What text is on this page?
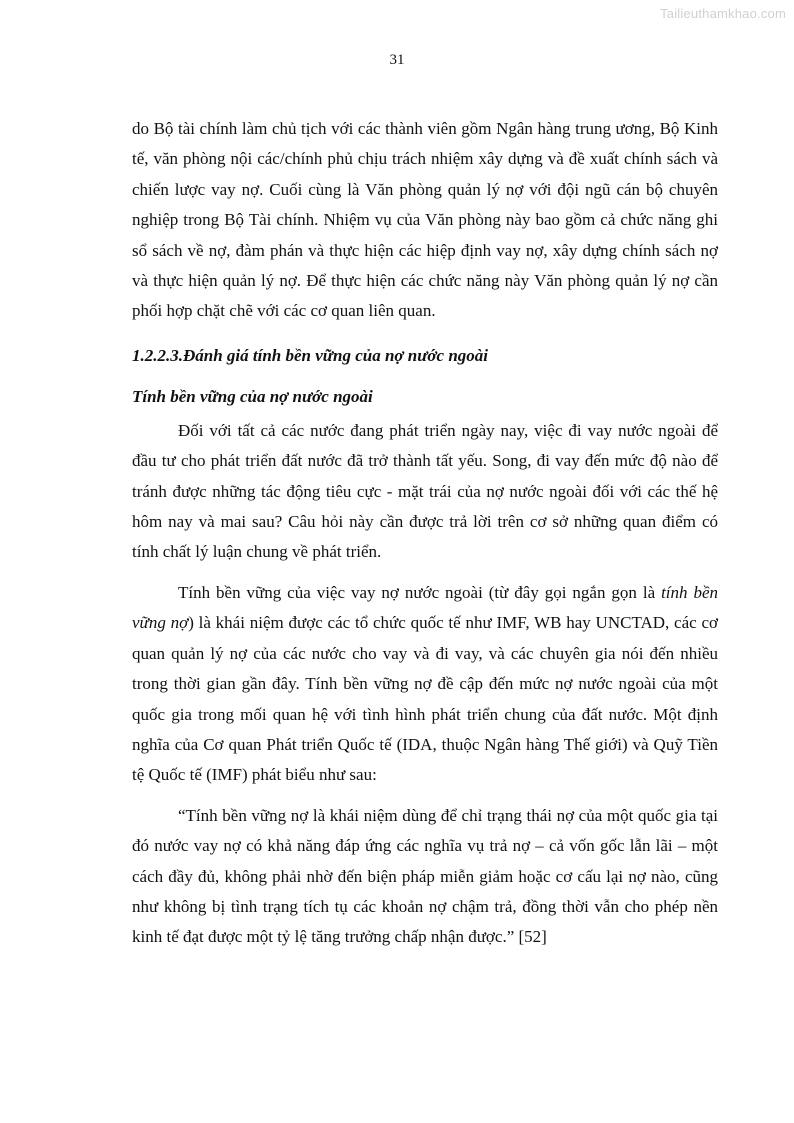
Tailieuthamkhao.com
31

do Bộ tài chính làm chủ tịch với các thành viên gồm Ngân hàng trung ương, Bộ Kinh tế, văn phòng nội các/chính phủ chịu trách nhiệm xây dựng và đề xuất chính sách và chiến lược vay nợ. Cuối cùng là Văn phòng quản lý nợ với đội ngũ cán bộ chuyên nghiệp trong Bộ Tài chính. Nhiệm vụ của Văn phòng này bao gồm cả chức năng ghi sổ sách về nợ, đàm phán và thực hiện các hiệp định vay nợ, xây dựng chính sách nợ và thực hiện quản lý nợ. Để thực hiện các chức năng này Văn phòng quản lý nợ cần phối hợp chặt chẽ với các cơ quan liên quan.

1.2.2.3.Đánh giá tính bền vững của nợ nước ngoài
Tính bền vững của nợ nước ngoài

Đối với tất cả các nước đang phát triển ngày nay, việc đi vay nước ngoài để đầu tư cho phát triển đất nước đã trở thành tất yếu. Song, đi vay đến mức độ nào để tránh được những tác động tiêu cực - mặt trái của nợ nước ngoài đối với các thế hệ hôm nay và mai sau? Câu hỏi này cần được trả lời trên cơ sở những quan điểm có tính chất lý luận chung về phát triển.

Tính bền vững của việc vay nợ nước ngoài (từ đây gọi ngắn gọn là tính bền vững nợ) là khái niệm được các tổ chức quốc tế như IMF, WB hay UNCTAD, các cơ quan quản lý nợ của các nước cho vay và đi vay, và các chuyên gia nói đến nhiều trong thời gian gần đây. Tính bền vững nợ đề cập đến mức nợ nước ngoài của một quốc gia trong mối quan hệ với tình hình phát triển chung của đất nước. Một định nghĩa của Cơ quan Phát triển Quốc tế (IDA, thuộc Ngân hàng Thế giới) và Quỹ Tiền tệ Quốc tế (IMF) phát biểu như sau:

“Tính bền vững nợ là khái niệm dùng để chỉ trạng thái nợ của một quốc gia tại đó nước vay nợ có khả năng đáp ứng các nghĩa vụ trả nợ – cả vốn gốc lẫn lãi – một cách đầy đủ, không phải nhờ đến biện pháp miễn giảm hoặc cơ cấu lại nợ nào, cũng như không bị tình trạng tích tụ các khoản nợ chậm trả, đồng thời vẫn cho phép nền kinh tế đạt được một tỷ lệ tăng trưởng chấp nhận được.” [52]
